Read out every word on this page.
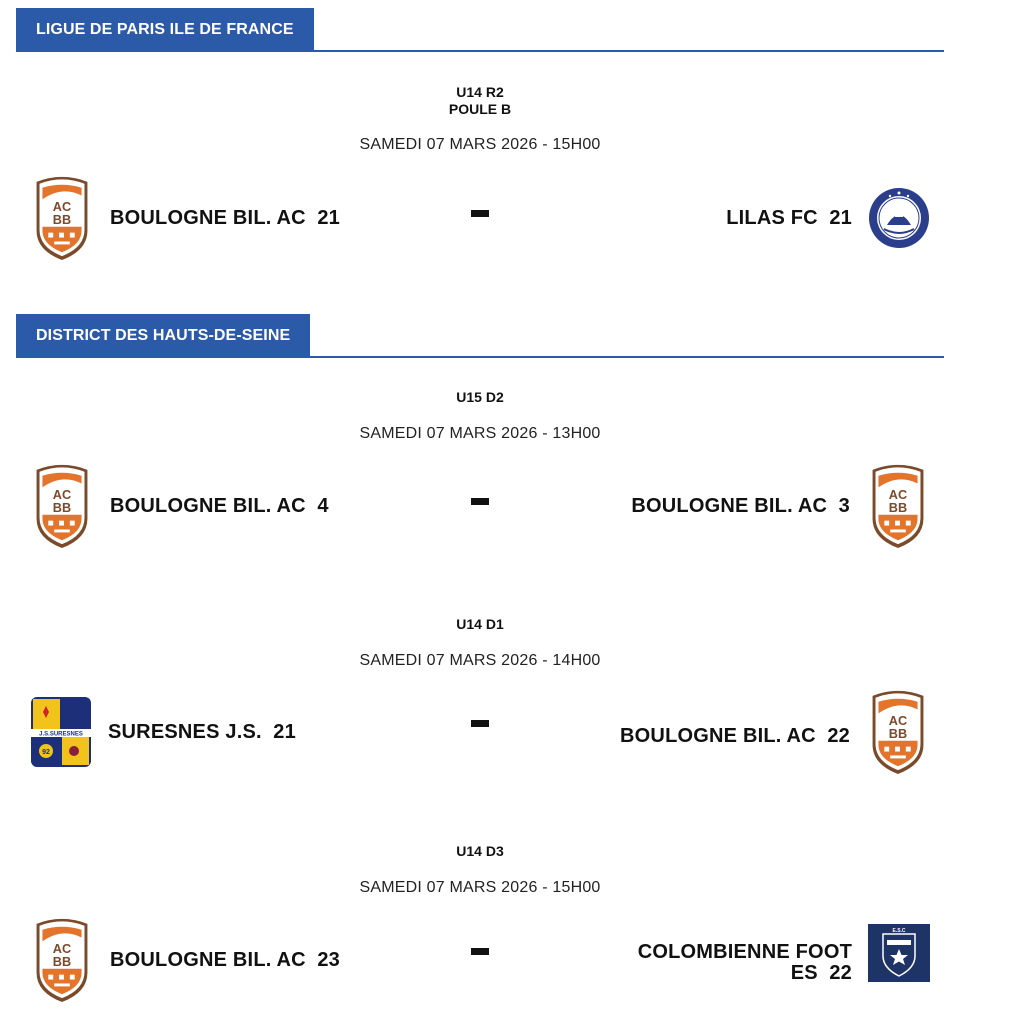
LIGUE DE PARIS ILE DE FRANCE
U14 R2
POULE B
SAMEDI 07 MARS 2026 - 15H00
BOULOGNE BIL. AC 21	LILAS FC 21
DISTRICT DES HAUTS-DE-SEINE
U15 D2
SAMEDI 07 MARS 2026 - 13H00
BOULOGNE BIL. AC 4	BOULOGNE BIL. AC 3
U14 D1
SAMEDI 07 MARS 2026 - 14H00
J.S.SURESNES
92
SURESNES J.S. 21	BOULOGNE BIL. AC 22
U14 D3
SAMEDI 07 MARS 2026 - 15H00
BOULOGNE BIL. AC 23	COLOMBIENNE FOOT
ES 22
E.S.C
